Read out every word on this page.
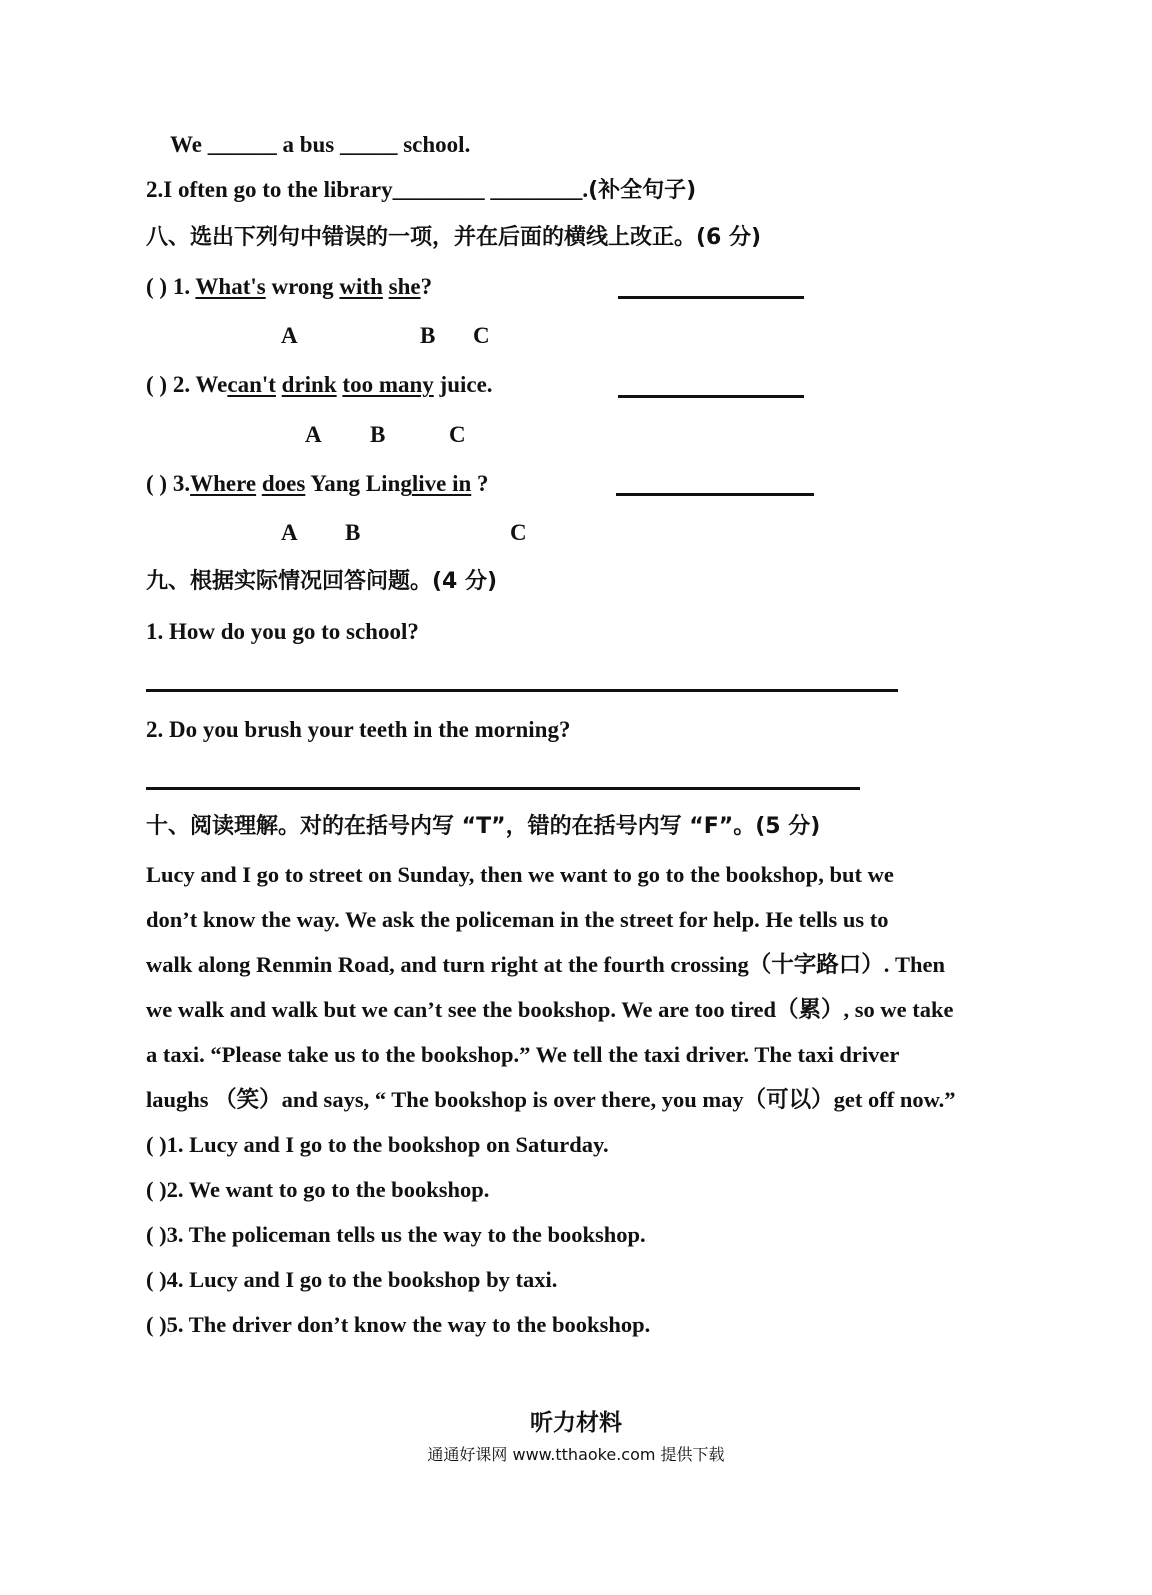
We ______ a bus _____ school.
2.I often go to the library________ ________.(补全句子)
八、选出下列句中错误的一项，并在后面的横线上改正。(6 分)
( ) 1. What's wrong with she?
A	B C
( ) 2. Wecan't drink too many juice.
A B	C
( ) 3.Where does Yang Linglive in ?
A B	C
九、根据实际情况回答问题。(4 分)
1. How do you go to school?
2. Do you brush your teeth in the morning?
十、阅读理解。对的在括号内写 “T”，错的在括号内写 “F”。(5 分)
Lucy and I go to street on Sunday, then we want to go to the bookshop, but we
don’t know the way. We ask the policeman in the street for help. He tells us to
walk along Renmin Road, and turn right at the fourth crossing（十字路口）. Then
we walk and walk but we can’t see the bookshop. We are too tired（累）, so we take
a taxi. “Please take us to the bookshop.” We tell the taxi driver. The taxi driver
laughs （笑）and says, “ The bookshop is over there, you may（可以）get off now.”
( )1. Lucy and I go to the bookshop on Saturday.
( )2. We want to go to the bookshop.
( )3. The policeman tells us the way to the bookshop.
( )4. Lucy and I go to the bookshop by taxi.
( )5. The driver don’t know the way to the bookshop.
听力材料
通通好课网 www.tthaoke.com 提供下载
